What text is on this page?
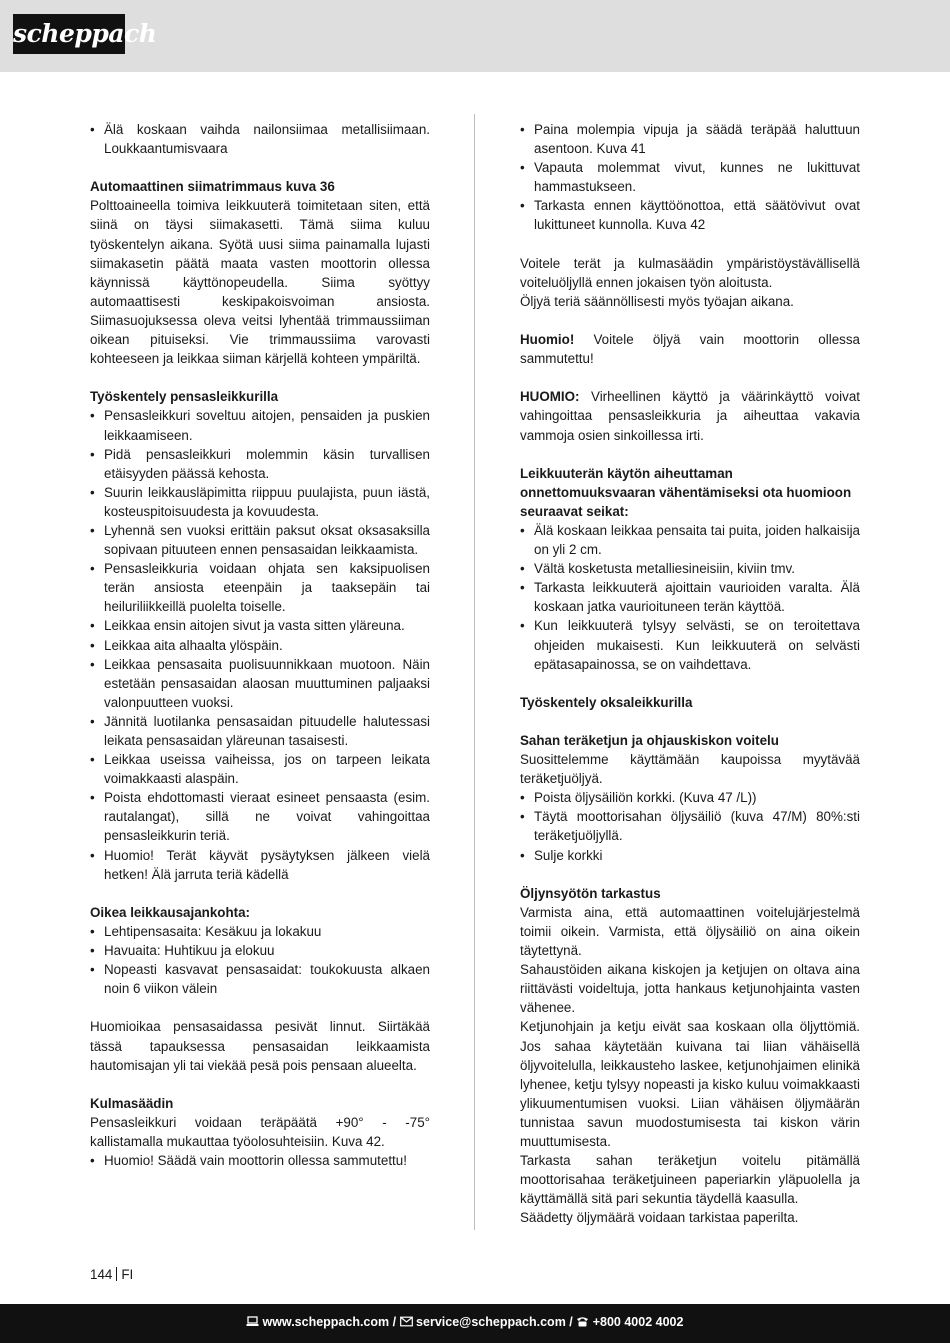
scheppach
• Älä koskaan vaihda nailonsiimaa metallisiimaan. Loukkaantumisvaara
Automaattinen siimatrimmaus kuva 36

Polttoaineella toimiva leikkuuterä toimitetaan siten, että siinä on täysi siimakasetti. Tämä siima kuluu työskentelyn aikana. Syötä uusi siima painamalla lujasti siimakasetin päätä maata vasten moottorin ollessa käynnissä käyttönopeudella. Siima syöttyy automaattisesti keskipakoisvoiman ansiosta. Siimasuojuksessa oleva veitsi lyhentää trimmaussiiman oikean pituiseksi. Vie trimmaussiima varovasti kohteeseen ja leikkaa siiman kärjellä kohteen ympäriltä.

Työskentely pensasleikkurilla
• Pensasleikkuri soveltuu aitojen, pensaiden ja puskien leikkaamiseen.
• Pidä pensasleikkuri molemmin käsin turvallisen etäisyyden päässä kehosta.
• Suurin leikkausläpimitta riippuu puulajista, puun iästä, kosteuspitoisuudesta ja kovuudesta.
• Lyhennä sen vuoksi erittäin paksut oksat oksasaksilla sopivaan pituuteen ennen pensasaidan leikkaamista.
• Pensasleikkuria voidaan ohjata sen kaksipuolisen terän ansiosta eteenpäin ja taaksepäin tai heiluriliikkeillä puolelta toiselle.
• Leikkaa ensin aitojen sivut ja vasta sitten yläreuna.
• Leikkaa aita alhaalta ylöspäin.
• Leikkaa pensasaita puolisuunnikkaan muotoon. Näin estetään pensasaidan alaosan muuttuminen paljaaksi valonpuutteen vuoksi.
• Jännitä luotilanka pensasaidan pituudelle halutessasi leikata pensasaidan yläreunan tasaisesti.
• Leikkaa useissa vaiheissa, jos on tarpeen leikata voimakkaasti alaspäin.
• Poista ehdottomasti vieraat esineet pensaasta (esim. rautalangat), sillä ne voivat vahingoittaa pensasleikkurin teriä.
• Huomio! Terät käyvät pysäytyksen jälkeen vielä hetken! Älä jarruta teriä kädellä
Oikea leikkausajankohta:
• Lehtipensasaita: Kesäkuu ja lokakuu
• Havuaita: Huhtikuu ja elokuu
• Nopeasti kasvavat pensasaidat: toukokuusta alkaen noin 6 viikon välein

Huomioikaa pensasaidassa pesivät linnut. Siirtäkää tässä tapauksessa pensasaidan leikkaamista hautomisajan yli tai viekää pesä pois pensaan alueelta.

Kulmasäädin

Pensasleikkuri voidaan teräpäätä +90° - -75° kallistamalla mukauttaa työolosuhteisiin. Kuva 42.

• Huomio! Säädä vain moottorin ollessa sammutettu!
• Paina molempia vipuja ja säädä teräpää haluttuun asentoon. Kuva 41
• Vapauta molemmat vivut, kunnes ne lukittuvat hammastukseen.
• Tarkasta ennen käyttöönottoa, että säätövivut ovat lukittuneet kunnolla. Kuva 42

Voitele terät ja kulmasäädin ympäristöystävällisellä voiteluöljyllä ennen jokaisen työn aloitusta.

Öljyä teriä säännöllisesti myös työajan aikana.

Huomio! Voitele öljyä vain moottorin ollessa sammutettu!

HUOMIO: Virheellinen käyttö ja väärinkäyttö voivat vahingoittaa pensasleikkuria ja aiheuttaa vakavia vammoja osien sinkoillessa irti.

Leikkuuterän käytön aiheuttaman onnettomuuksvaaran vähentämiseksi ota huomioon seuraavat seikat:
• Älä koskaan leikkaa pensaita tai puita, joiden halkaisija on yli 2 cm.
• Vältä kosketusta metalliesineisiin, kiviin tmv.
• Tarkasta leikkuuterä ajoittain vaurioiden varalta. Älä koskaan jatka vaurioituneen terän käyttöä.
• Kun leikkuuterä tylsyy selvästi, se on teroitettava ohjeiden mukaisesti. Kun leikkuuterä on selvästi epätasapainossa, se on vaihdettava.
Työskentely oksaleikkurilla
Sahan teräketjun ja ohjauskiskon voitelu

Suosittelemme käyttämään kaupoissa myytävää teräketjuöljyä.

• Poista öljysäiliön korkki. (Kuva 47 /L))
• Täytä moottorisahan öljysäiliö (kuva 47/M) 80%:sti teräketjuöljyllä.
• Sulje korkki
Öljynsyötön tarkastus

Varmista aina, että automaattinen voitelujärjestelmä toimii oikein. Varmista, että öljysäiliö on aina oikein täytettynä.

Sahaustöiden aikana kiskojen ja ketjujen on oltava aina riittävästi voideltuja, jotta hankaus ketjunohjainta vasten vähenee.

Ketjunohjain ja ketju eivät saa koskaan olla öljyttömiä. Jos sahaa käytetään kuivana tai liian vähäisellä öljyvoitelulla, leikkausteho laskee, ketjunohjaimen elinikä lyhenee, ketju tylsyy nopeasti ja kisko kuluu voimakkaasti ylikuumentumisen vuoksi. Liian vähäisen öljymäärän tunnistaa savun muodostumisesta tai kiskon värin muuttumisesta.

Tarkasta sahan teräketjun voitelu pitämällä moottorisahaa teräketjuineen paperiarkin yläpuolella ja käyttämällä sitä pari sekuntia täydellä kaasulla.

Säädetty öljymäärä voidaan tarkistaa paperilta.

144 FI
www.scheppach.com /  service@scheppach.com /  +800 4002 4002
